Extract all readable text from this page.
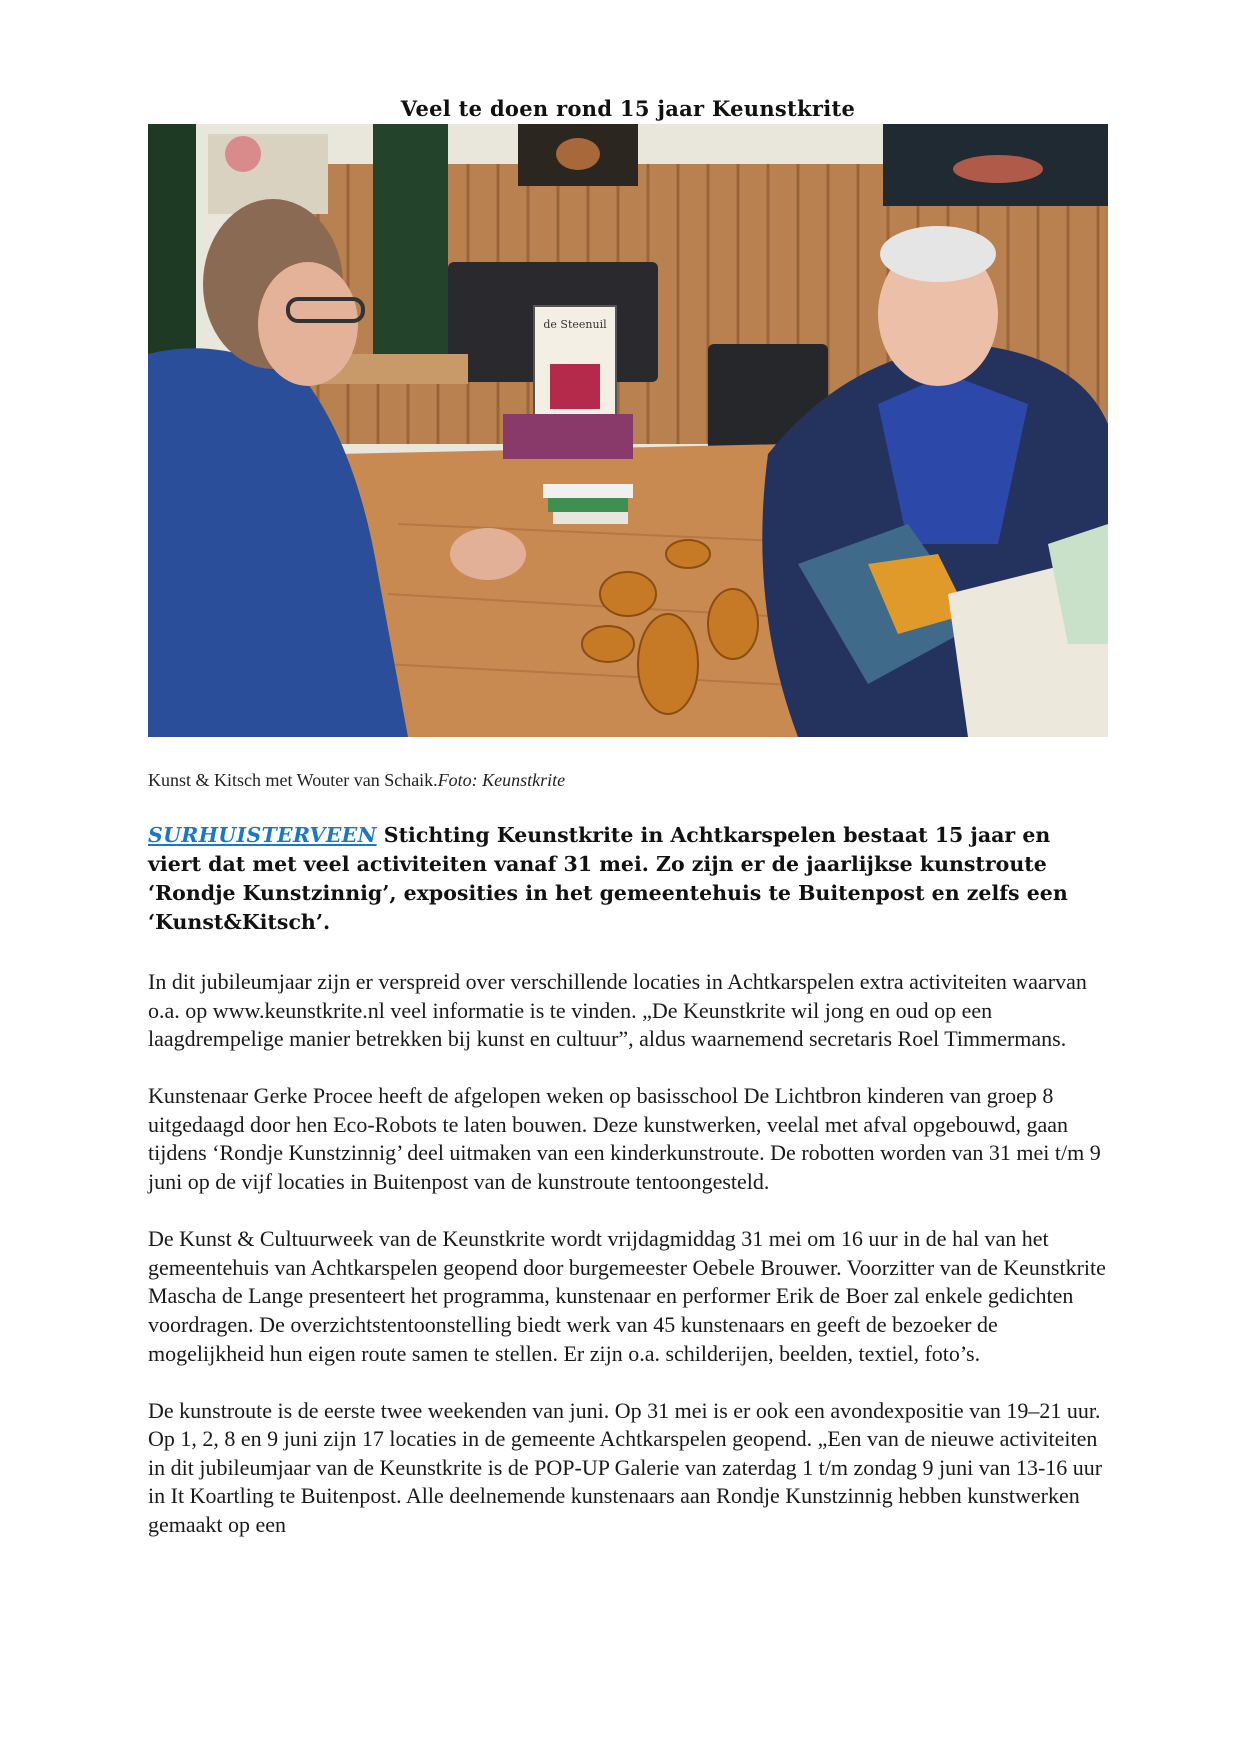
Veel te doen rond 15 jaar Keunstkrite
de Steenuil
Kunst & Kitsch met Wouter van Schaik.Foto: Keunstkrite
SURHUISTERVEEN Stichting Keunstkrite in Achtkarspelen bestaat 15 jaar en viert dat met veel activiteiten vanaf 31 mei. Zo zijn er de jaarlijkse kunstroute ‘Rondje Kunstzinnig’, exposities in het gemeentehuis te Buitenpost en zelfs een ‘Kunst&Kitsch’.

In dit jubileumjaar zijn er verspreid over verschillende locaties in Achtkarspelen extra activiteiten waarvan o.a. op www.keunstkrite.nl veel informatie is te vinden. „De Keunstkrite wil jong en oud op een laagdrempelige manier betrekken bij kunst en cultuur”, aldus waarnemend secretaris Roel Timmermans.

Kunstenaar Gerke Procee heeft de afgelopen weken op basisschool De Lichtbron kinderen van groep 8 uitgedaagd door hen Eco-Robots te laten bouwen. Deze kunstwerken, veelal met afval opgebouwd, gaan tijdens ‘Rondje Kunstzinnig’ deel uitmaken van een kinderkunstroute. De robotten worden van 31 mei t/m 9 juni op de vijf locaties in Buitenpost van de kunstroute tentoongesteld.

De Kunst & Cultuurweek van de Keunstkrite wordt vrijdagmiddag 31 mei om 16 uur in de hal van het gemeentehuis van Achtkarspelen geopend door burgemeester Oebele Brouwer. Voorzitter van de Keunstkrite Mascha de Lange presenteert het programma, kunstenaar en performer Erik de Boer zal enkele gedichten voordragen. De overzichtstentoonstelling biedt werk van 45 kunstenaars en geeft de bezoeker de mogelijkheid hun eigen route samen te stellen. Er zijn o.a. schilderijen, beelden, textiel, foto’s.

De kunstroute is de eerste twee weekenden van juni. Op 31 mei is er ook een avondexpositie van 19–21 uur. Op 1, 2, 8 en 9 juni zijn 17 locaties in de gemeente Achtkarspelen geopend. „Een van de nieuwe activiteiten in dit jubileumjaar van de Keunstkrite is de POP-UP Galerie van zaterdag 1 t/m zondag 9 juni van 13-16 uur in It Koartling te Buitenpost. Alle deelnemende kunstenaars aan Rondje Kunstzinnig hebben kunstwerken gemaakt op een
